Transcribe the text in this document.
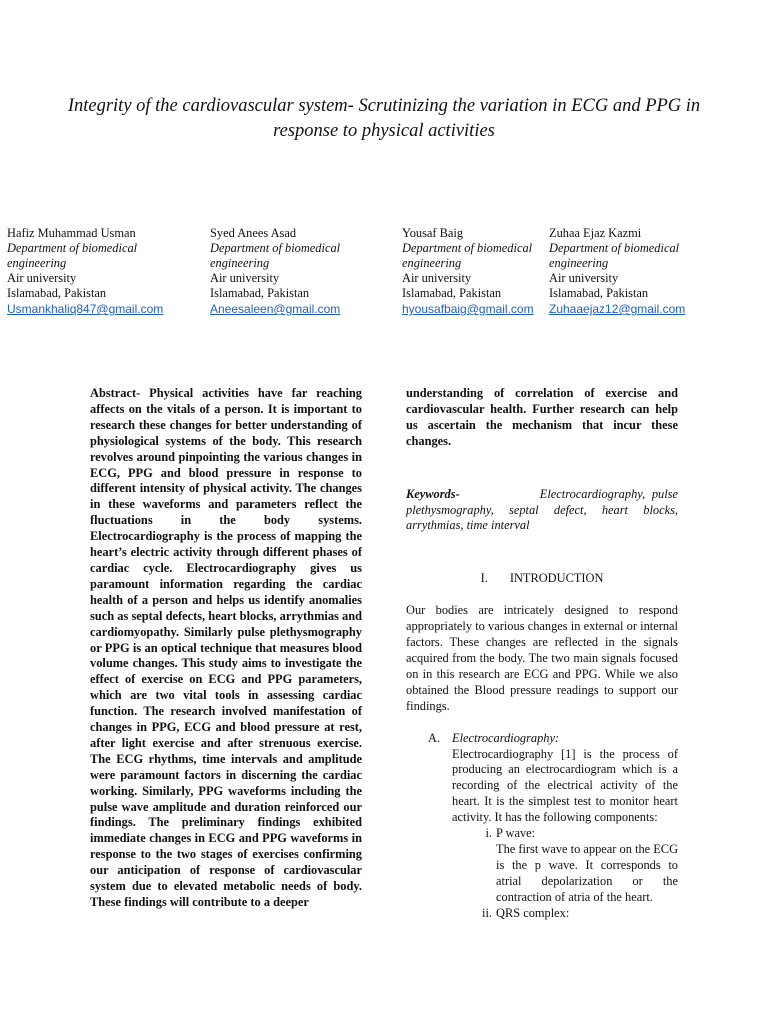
Integrity of the cardiovascular system- Scrutinizing the variation in ECG and PPG in response to physical activities
Hafiz Muhammad Usman
Department of biomedical engineering
Air university
Islamabad, Pakistan
Usmankhaliq847@gmail.com
Syed Anees Asad
Department of biomedical engineering
Air university
Islamabad, Pakistan
Aneesaleen@gmail.com
Yousaf Baig
Department of biomedical engineering
Air university
Islamabad, Pakistan
hyousafbaig@gmail.com
Zuhaa Ejaz Kazmi
Department of biomedical engineering
Air university
Islamabad, Pakistan
Zuhaaejaz12@gmail.com

Abstract- Physical activities have far reaching affects on the vitals of a person. It is important to research these changes for better understanding of physiological systems of the body. This research revolves around pinpointing the various changes in ECG, PPG and blood pressure in response to different intensity of physical activity. The changes in these waveforms and parameters reflect the fluctuations in the body systems. Electrocardiography is the process of mapping the heart’s electric activity through different phases of cardiac cycle. Electrocardiography gives us paramount information regarding the cardiac health of a person and helps us identify anomalies such as septal defects, heart blocks, arrythmias and cardiomyopathy. Similarly pulse plethysmography or PPG is an optical technique that measures blood volume changes. This study aims to investigate the effect of exercise on ECG and PPG parameters, which are two vital tools in assessing cardiac function. The research involved manifestation of changes in PPG, ECG and blood pressure at rest, after light exercise and after strenuous exercise. The ECG rhythms, time intervals and amplitude were paramount factors in discerning the cardiac working. Similarly, PPG waveforms including the pulse wave amplitude and duration reinforced our findings. The preliminary findings exhibited immediate changes in ECG and PPG waveforms in response to the two stages of exercises confirming our anticipation of response of cardiovascular system due to elevated metabolic needs of body. These findings will contribute to a deeper

understanding of correlation of exercise and cardiovascular health. Further research can help us ascertain the mechanism that incur these changes.

Keywords-	Electrocardiography, pulse plethysmography, septal defect, heart blocks, arrythmias, time interval

I. INTRODUCTION

Our bodies are intricately designed to respond appropriately to various changes in external or internal factors. These changes are reflected in the signals acquired from the body. The two main signals focused on in this research are ECG and PPG. While we also obtained the Blood pressure readings to support our findings.

A. Electrocardiography:

Electrocardiography [1] is the process of producing an electrocardiogram which is a recording of the electrical activity of the heart. It is the simplest test to monitor heart activity. It has the following components:

i. P wave:

The first wave to appear on the ECG is the p wave. It corresponds to atrial depolarization or the contraction of atria of the heart.

ii. QRS complex:
